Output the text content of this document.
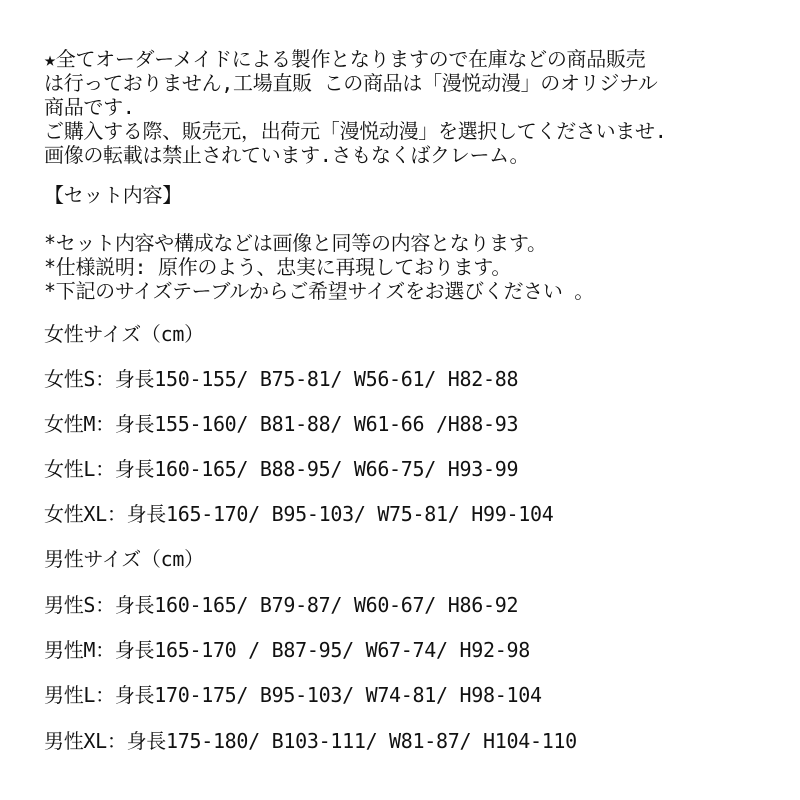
★全てオーダーメイドによる製作となりますので在庫などの商品販売
は行っておりません,工場直販 この商品は「漫悦动漫」のオリジナル
商品です.
ご購入する際、販売元，出荷元「漫悦动漫」を選択してくださいませ.
画像の転載は禁止されています.さもなくばクレーム。
【セット内容】
*セット内容や構成などは画像と同等の内容となります。
*仕様説明: 原作のよう、忠実に再現しております。
*下記のサイズテーブルからご希望サイズをお選びください 。
女性サイズ（cm）
女性S：身長150-155/ B75-81/ W56-61/ H82-88
女性M：身長155-160/ B81-88/ W61-66 /H88-93
女性L：身長160-165/ B88-95/ W66-75/ H93-99
女性XL：身長165-170/ B95-103/ W75-81/ H99-104
男性サイズ（cm）
男性S：身長160-165/ B79-87/ W60-67/ H86-92
男性M：身長165-170 / B87-95/ W67-74/ H92-98
男性L：身長170-175/ B95-103/ W74-81/ H98-104
男性XL：身長175-180/ B103-111/ W81-87/ H104-110
